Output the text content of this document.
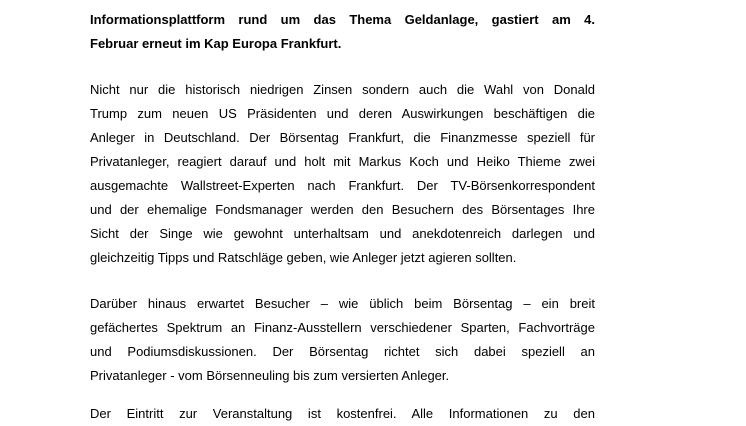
Informationsplattform rund um das Thema Geldanlage, gastiert am 4.
Februar erneut im Kap Europa Frankfurt.
Nicht nur die historisch niedrigen Zinsen sondern auch die Wahl von Donald
Trump zum neuen US Präsidenten und deren Auswirkungen beschäftigen die
Anleger in Deutschland. Der Börsentag Frankfurt, die Finanzmesse speziell für
Privatanleger, reagiert darauf und holt mit Markus Koch und Heiko Thieme zwei
ausgemachte Wallstreet-Experten nach Frankfurt. Der TV-Börsenkorrespondent
und der ehemalige Fondsmanager werden den Besuchern des Börsentages Ihre
Sicht der Singe wie gewohnt unterhaltsam und anekdotenreich darlegen und
gleichzeitig Tipps und Ratschläge geben, wie Anleger jetzt agieren sollten.
Darüber hinaus erwartet Besucher – wie üblich beim Börsentag – ein breit
gefächertes Spektrum an Finanz-Ausstellern verschiedener Sparten, Fachvorträge
und Podiumsdiskussionen. Der Börsentag richtet sich dabei speziell an
Privatanleger - vom Börsenneuling bis zum versierten Anleger.
Der Eintritt zur Veranstaltung ist kostenfrei. Alle Informationen zu den
